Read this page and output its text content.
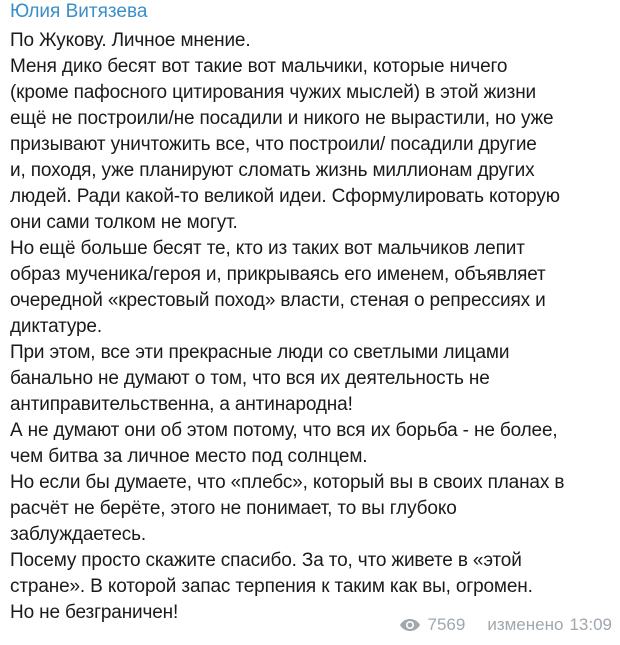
Юлия Витязева
По Жукову. Личное мнение.
Меня дико бесят вот такие вот мальчики, которые ничего
(кроме пафосного цитирования чужих мыслей) в этой жизни
ещё не построили/не посадили и никого не вырастили, но уже
призывают уничтожить все, что построили/ посадили другие
и, походя, уже планируют сломать жизнь миллионам других
людей. Ради какой-то великой идеи. Сформулировать которую
они сами толком не могут.
Но ещё больше бесят те, кто из таких вот мальчиков лепит
образ мученика/героя и, прикрываясь его именем, объявляет
очередной «крестовый поход» власти, стеная о репрессиях и
диктатуре.
При этом, все эти прекрасные люди со светлыми лицами
банально не думают о том, что вся их деятельность не
антиправительственна, а антинародна!
А не думают они об этом потому, что вся их борьба - не более,
чем битва за личное место под солнцем.
Но если бы думаете, что «плебс», который вы в своих планах в
расчёт не берёте, этого не понимает, то вы глубоко
заблуждаетесь.
Посему просто скажите спасибо. За то, что живете в «этой
стране». В которой запас терпения к таким как вы, огромен.
Но не безграничен!
7569 изменено 13:09
